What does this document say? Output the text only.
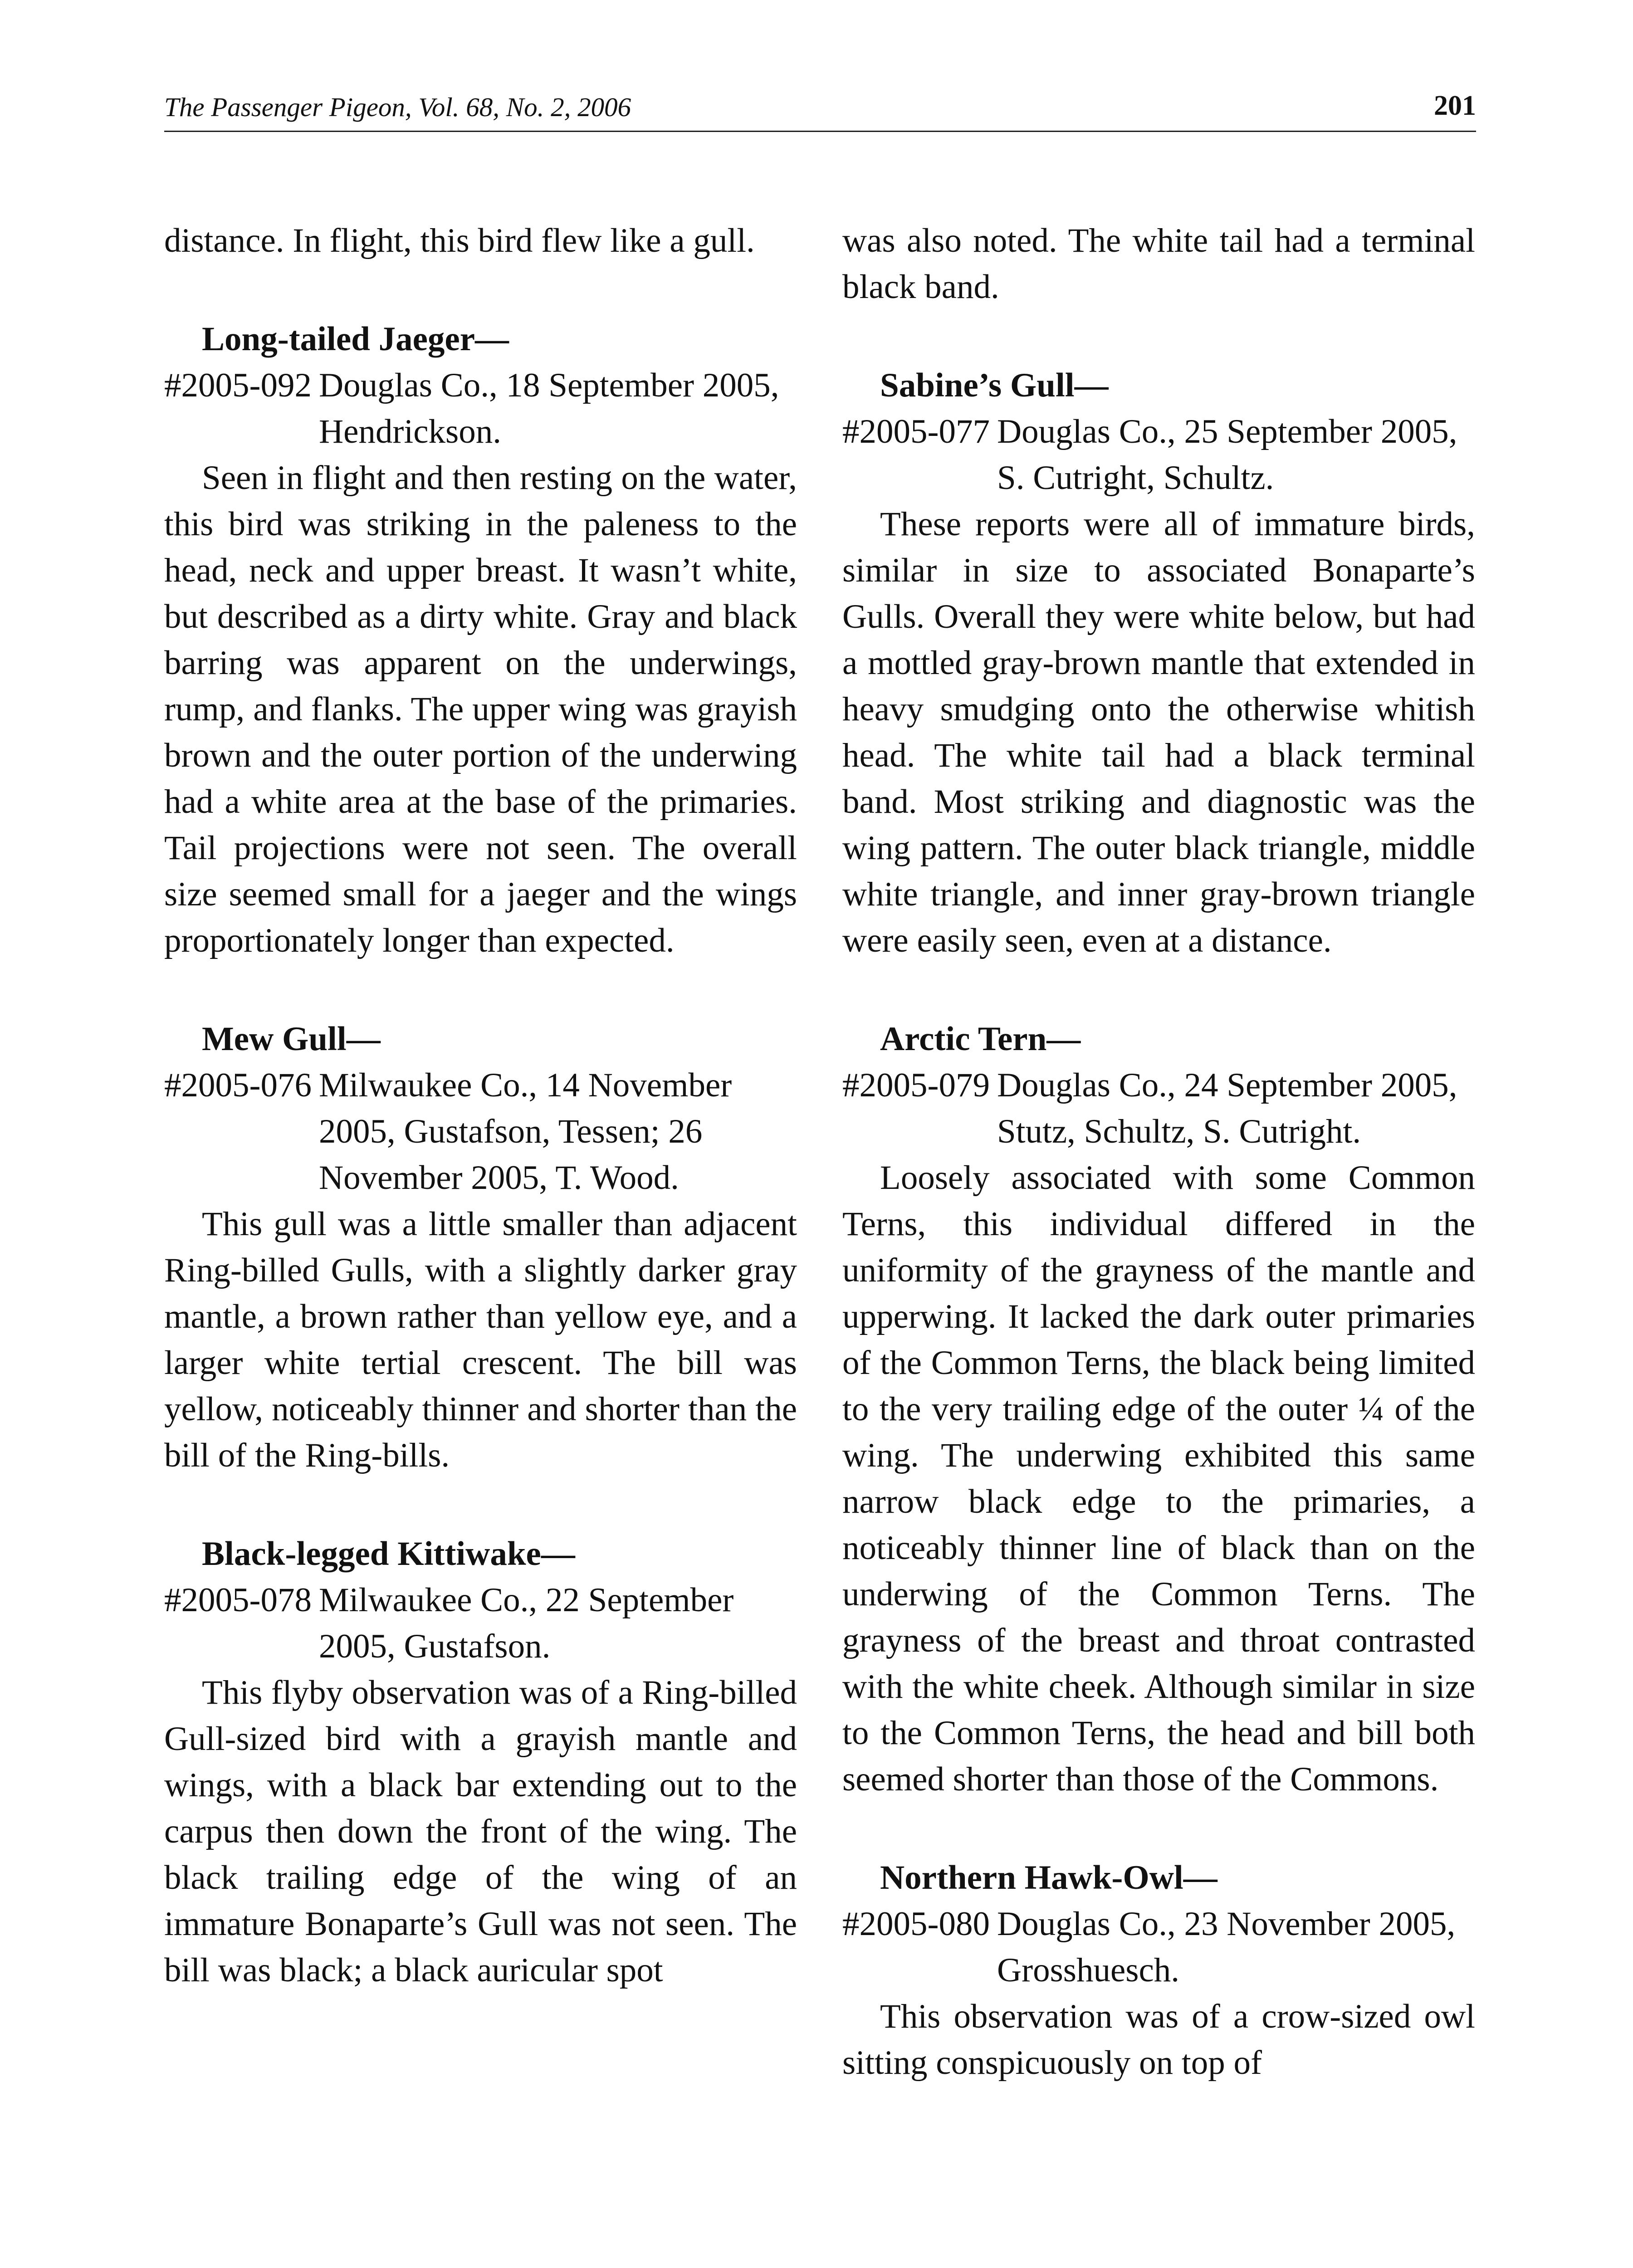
The Passenger Pigeon, Vol. 68, No. 2, 2006	201

distance. In flight, this bird flew like a gull.

Long-tailed Jaeger—

#2005-092 Douglas Co., 18 September 2005, Hendrickson.

Seen in flight and then resting on the water, this bird was striking in the paleness to the head, neck and upper breast. It wasn’t white, but described as a dirty white. Gray and black barring was apparent on the underwings, rump, and flanks. The upper wing was grayish brown and the outer portion of the underwing had a white area at the base of the primaries. Tail projections were not seen. The overall size seemed small for a jaeger and the wings proportionately longer than expected.

Mew Gull—

#2005-076 Milwaukee Co., 14 November 2005, Gustafson, Tessen; 26 November 2005, T. Wood.

This gull was a little smaller than adjacent Ring-billed Gulls, with a slightly darker gray mantle, a brown rather than yellow eye, and a larger white tertial crescent. The bill was yellow, noticeably thinner and shorter than the bill of the Ring-bills.

Black-legged Kittiwake—

#2005-078 Milwaukee Co., 22 September 2005, Gustafson.

This flyby observation was of a Ring-billed Gull-sized bird with a grayish mantle and wings, with a black bar extending out to the carpus then down the front of the wing. The black trailing edge of the wing of an immature Bonaparte’s Gull was not seen. The bill was black; a black auricular spot

was also noted. The white tail had a terminal black band.

Sabine’s Gull—

#2005-077 Douglas Co., 25 September 2005, S. Cutright, Schultz.

These reports were all of immature birds, similar in size to associated Bonaparte’s Gulls. Overall they were white below, but had a mottled gray-brown mantle that extended in heavy smudging onto the otherwise whitish head. The white tail had a black terminal band. Most striking and diagnostic was the wing pattern. The outer black triangle, middle white triangle, and inner gray-brown triangle were easily seen, even at a distance.

Arctic Tern—

#2005-079 Douglas Co., 24 September 2005, Stutz, Schultz, S. Cutright.

Loosely associated with some Common Terns, this individual differed in the uniformity of the grayness of the mantle and upperwing. It lacked the dark outer primaries of the Common Terns, the black being limited to the very trailing edge of the outer ¼ of the wing. The underwing exhibited this same narrow black edge to the primaries, a noticeably thinner line of black than on the underwing of the Common Terns. The grayness of the breast and throat contrasted with the white cheek. Although similar in size to the Common Terns, the head and bill both seemed shorter than those of the Commons.

Northern Hawk-Owl—

#2005-080 Douglas Co., 23 November 2005, Grosshuesch.

This observation was of a crow-sized owl sitting conspicuously on top of
